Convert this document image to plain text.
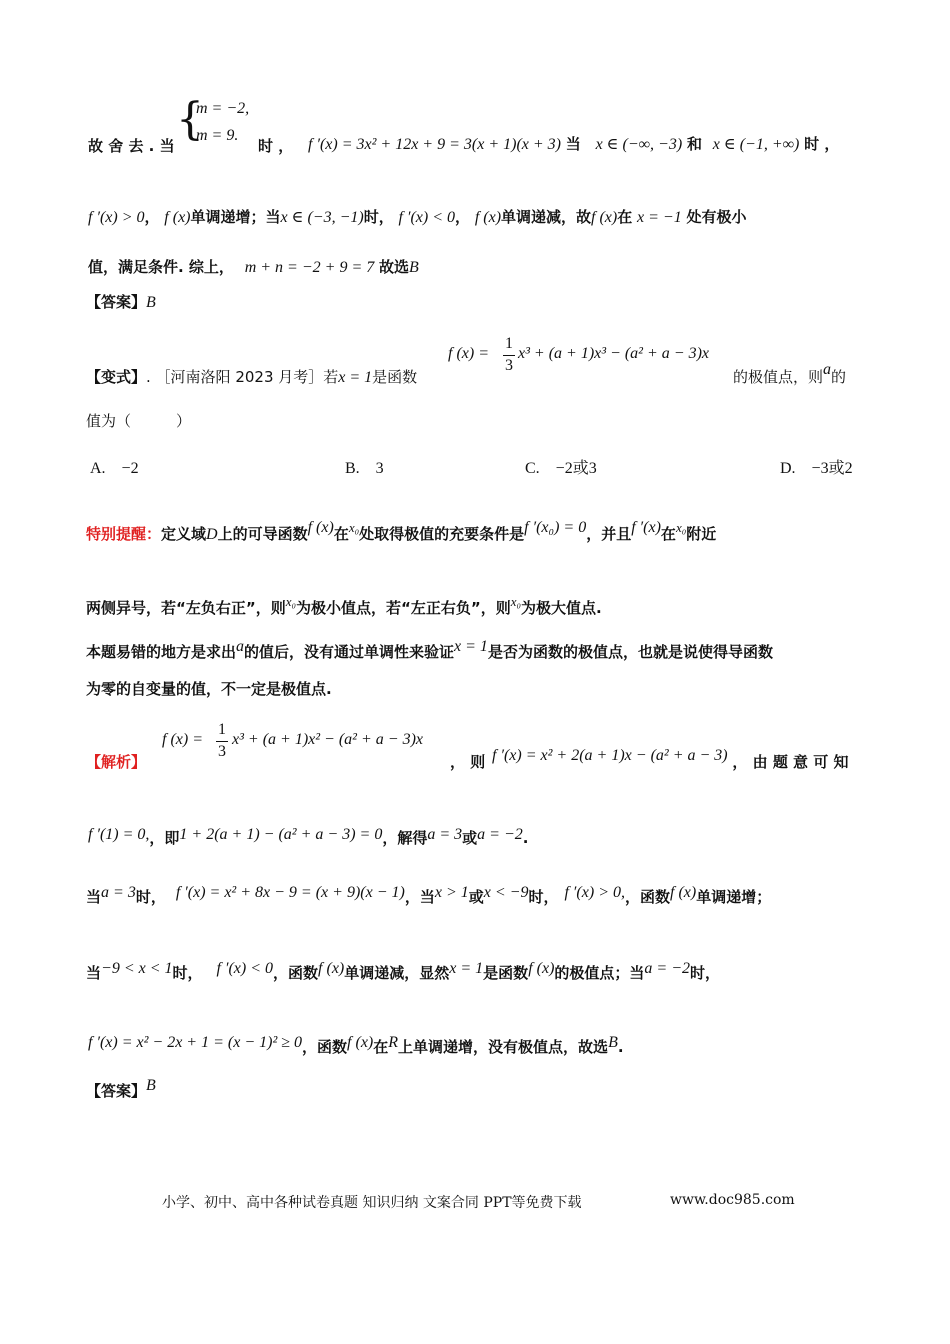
{
m = −2,
m = 9.
故 舍 去 . 当	时 ， f ′(x) = 3x² + 12x + 9 = 3(x + 1)(x + 3) 当 x ∈ (−∞, −3) 和 x ∈ (−1, +∞) 时 ，
f ′(x) > 0， f (x)单调递增；当x ∈ (−3, −1)时， f ′(x) < 0， f (x)单调递减，故f (x)在 x = −1 处有极小
值，满足条件. 综上， m + n = −2 + 9 = 7 故选B
【答案】B
【变式】. ［河南洛阳 2023 月考］若x = 1是函数
f (x) =
1
3
x³ + (a + 1)x³ − (a² + a − 3)x
的极值点，则a的
值为（　　　）
A.　−2	B.　3	C.　−2或3	D.　−3或2
特别提醒：定义域D上的可导函数f (x)在x₀处取得极值的充要条件是f ′(x₀) = 0，并且f ′(x)在x₀附近
两侧异号，若“左负右正”，则x₀为极小值点，若“左正右负”，则x₀为极大值点.
本题易错的地方是求出a的值后，没有通过单调性来验证x = 1是否为函数的极值点，也就是说使得导函数
为零的自变量的值，不一定是极值点.
【解析】
f (x) =
1
3
x³ + (a + 1)x² − (a² + a − 3)x
， 则 f ′(x) = x² + 2(a + 1)x − (a² + a − 3) ， 由 题 意 可 知
f ′(1) = 0,，即1 + 2(a + 1) − (a² + a − 3) = 0，解得a = 3或a = −2.
当a = 3时， f ′(x) = x² + 8x − 9 = (x + 9)(x − 1)，当x > 1或x < −9时， f ′(x) > 0,，函数f (x)单调递增；
当−9 < x < 1时， f ′(x) < 0，函数f (x)单调递减，显然x = 1是函数f (x)的极值点；当a = −2时，
f ′(x) = x² − 2x + 1 = (x − 1)² ≥ 0，函数f (x)在R上单调递增，没有极值点，故选B.
【答案】B
小学、初中、高中各种试卷真题 知识归纳 文案合同 PPT等免费下载	www.doc985.com
